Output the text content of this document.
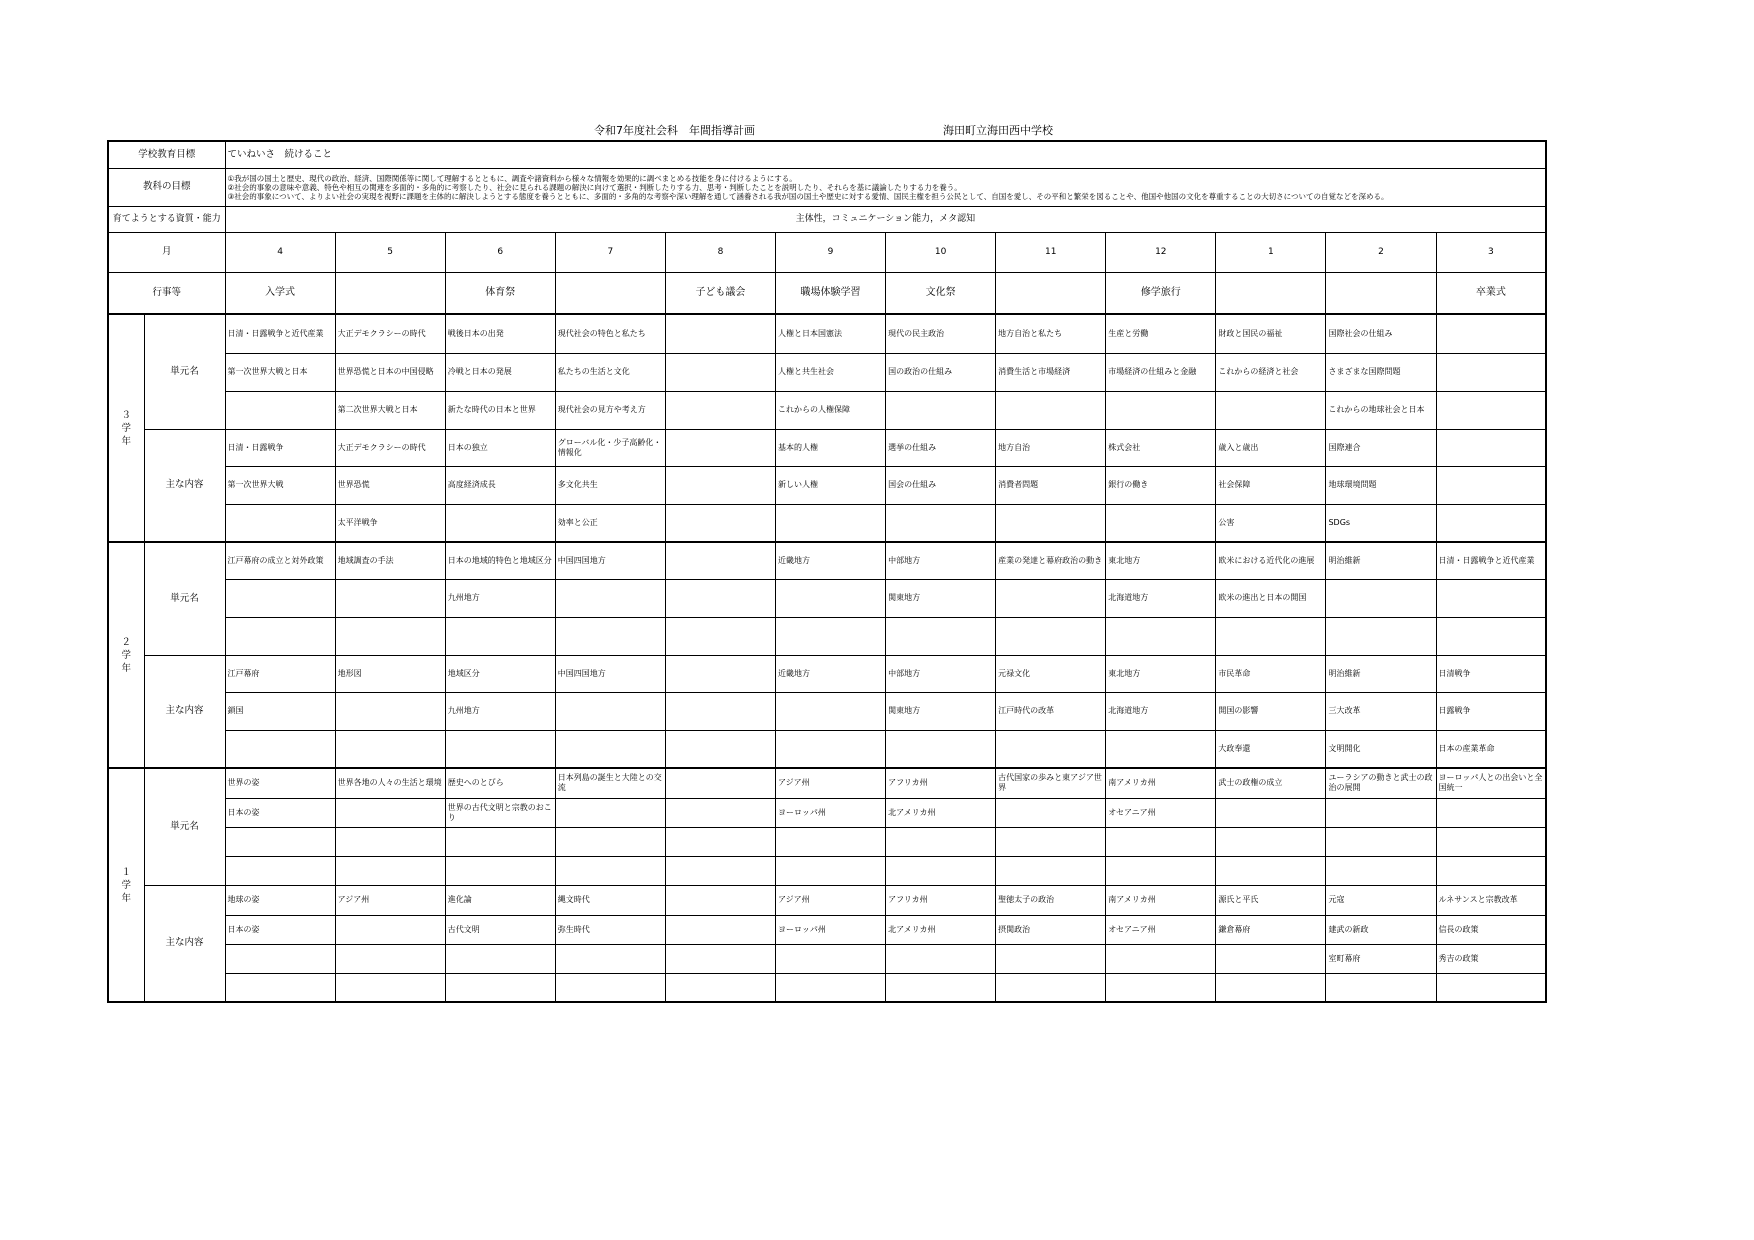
令和7年度社会科　年間指導計画	海田町立海田西中学校
学校教育目標		ていねいさ　続けること											
教科の目標		①我が国の国土と歴史、現代の政治、経済、国際関係等に関して理解するとともに、調査や諸資料から様々な情報を効果的に調べまとめる技能を身に付けるようにする。
②社会的事象の意味や意義、特色や相互の関連を多面的・多角的に考察したり、社会に見られる課題の解決に向けて選択・判断したりする力、思考・判断したことを説明したり、それらを基に議論したりする力を養う。
③社会的事象について、よりよい社会の実現を視野に課題を主体的に解決しようとする態度を養うとともに、多面的・多角的な考察や深い理解を通して涵養される我が国の国土や歴史に対する愛情、国民主権を担う公民として、自国を愛し、その平和と繁栄を図ることや、他国や他国の文化を尊重することの大切さについての自覚などを深める。											

育てようとする資質・能力		主体性，コミュニケーション能力，メタ認知											
月		4	5	6	7	8	9	10	11	12	1	2	3
行事等		入学式		体育祭		子ども議会	職場体験学習	文化祭		修学旅行			卒業式
３
学
年	単元名	日清・日露戦争と近代産業	大正デモクラシーの時代	戦後日本の出発	現代社会の特色と私たち		人権と日本国憲法	現代の民主政治	地方自治と私たち	生産と労働	財政と国民の福祉	国際社会の仕組み	
		第一次世界大戦と日本	世界恐慌と日本の中国侵略	冷戦と日本の発展	私たちの生活と文化		人権と共生社会	国の政治の仕組み	消費生活と市場経済	市場経済の仕組みと金融	これからの経済と社会	さまざまな国際問題	
			第二次世界大戦と日本	新たな時代の日本と世界	現代社会の見方や考え方		これからの人権保障					これからの地球社会と日本	
	主な内容	日清・日露戦争	大正デモクラシーの時代	日本の独立	グローバル化・少子高齢化・情報化		基本的人権	選挙の仕組み	地方自治	株式会社	歳入と歳出	国際連合	
		第一次世界大戦	世界恐慌	高度経済成長	多文化共生		新しい人権	国会の仕組み	消費者問題	銀行の働き	社会保障	地球環境問題	
			太平洋戦争		効率と公正						公害	SDGs	
２
学
年	単元名	江戸幕府の成立と対外政策	地域調査の手法	日本の地域的特色と地域区分	中国四国地方		近畿地方	中部地方	産業の発達と幕府政治の動き	東北地方	欧米における近代化の進展	明治維新	日清・日露戦争と近代産業
				九州地方				関東地方		北海道地方	欧米の進出と日本の開国		

	主な内容	江戸幕府	地形図	地域区分	中国四国地方		近畿地方	中部地方	元禄文化	東北地方	市民革命	明治維新	日清戦争
		鎖国		九州地方				関東地方	江戸時代の改革	北海道地方	開国の影響	三大改革	日露戦争
											大政奉還	文明開化	日本の産業革命
１
学
年	単元名	世界の姿	世界各地の人々の生活と環境	歴史へのとびら	日本列島の誕生と大陸との交流		アジア州	アフリカ州	古代国家の歩みと東アジア世界	南アメリカ州	武士の政権の成立	ユーラシアの動きと武士の政治の展開	ヨーロッパ人との出会いと全国統一
		日本の姿		世界の古代文明と宗教のおこり			ヨーロッパ州	北アメリカ州		オセアニア州			

	主な内容	地球の姿	アジア州	進化論	縄文時代		アジア州	アフリカ州	聖徳太子の政治	南アメリカ州	源氏と平氏	元寇	ルネサンスと宗教改革
		日本の姿		古代文明	弥生時代		ヨーロッパ州	北アメリカ州	摂関政治	オセアニア州	鎌倉幕府	建武の新政	信長の政策
												室町幕府	秀吉の政策
